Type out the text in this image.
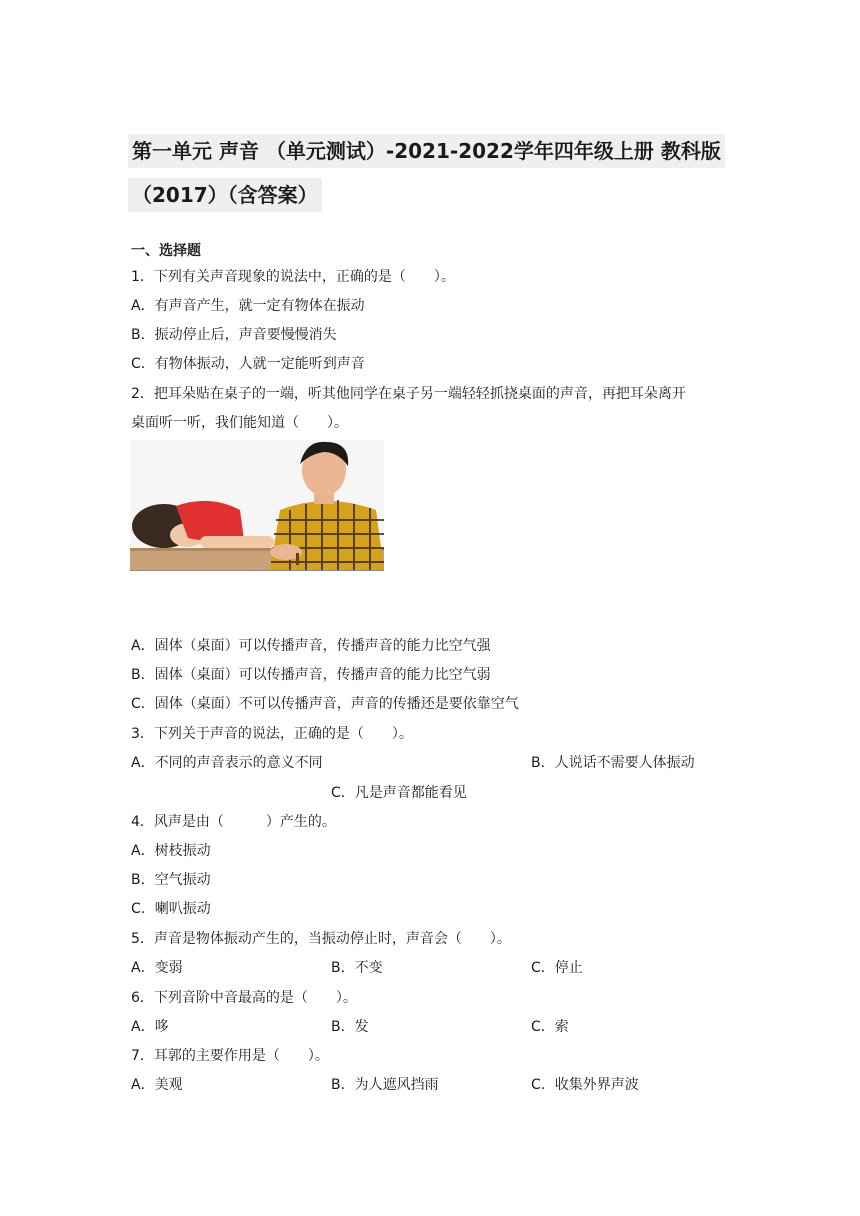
第一单元 声音 （单元测试）-2021-2022学年四年级上册 教科版
（2017）（含答案）
一、选择题
1．下列有关声音现象的说法中，正确的是（　　）。
A．有声音产生，就一定有物体在振动
B．振动停止后，声音要慢慢消失
C．有物体振动，人就一定能听到声音
2．把耳朵贴在桌子的一端，听其他同学在桌子另一端轻轻抓挠桌面的声音，再把耳朵离开
桌面听一听，我们能知道（　　）。
A．固体（桌面）可以传播声音，传播声音的能力比空气强
B．固体（桌面）可以传播声音，传播声音的能力比空气弱
C．固体（桌面）不可以传播声音，声音的传播还是要依靠空气
3．下列关于声音的说法，正确的是（　　）。
A．不同的声音表示的意义不同	B．人说话不需要人体振动
C．凡是声音都能看见
4．风声是由（　　　）产生的。
A．树枝振动
B．空气振动
C．喇叭振动
5．声音是物体振动产生的，当振动停止时，声音会（　　）。
A．变弱	B．不变	C．停止
6．下列音阶中音最高的是（　　）。
A．哆	B．发	C．索
7．耳郭的主要作用是（　　）。
A．美观	B．为人遮风挡雨	C．收集外界声波
